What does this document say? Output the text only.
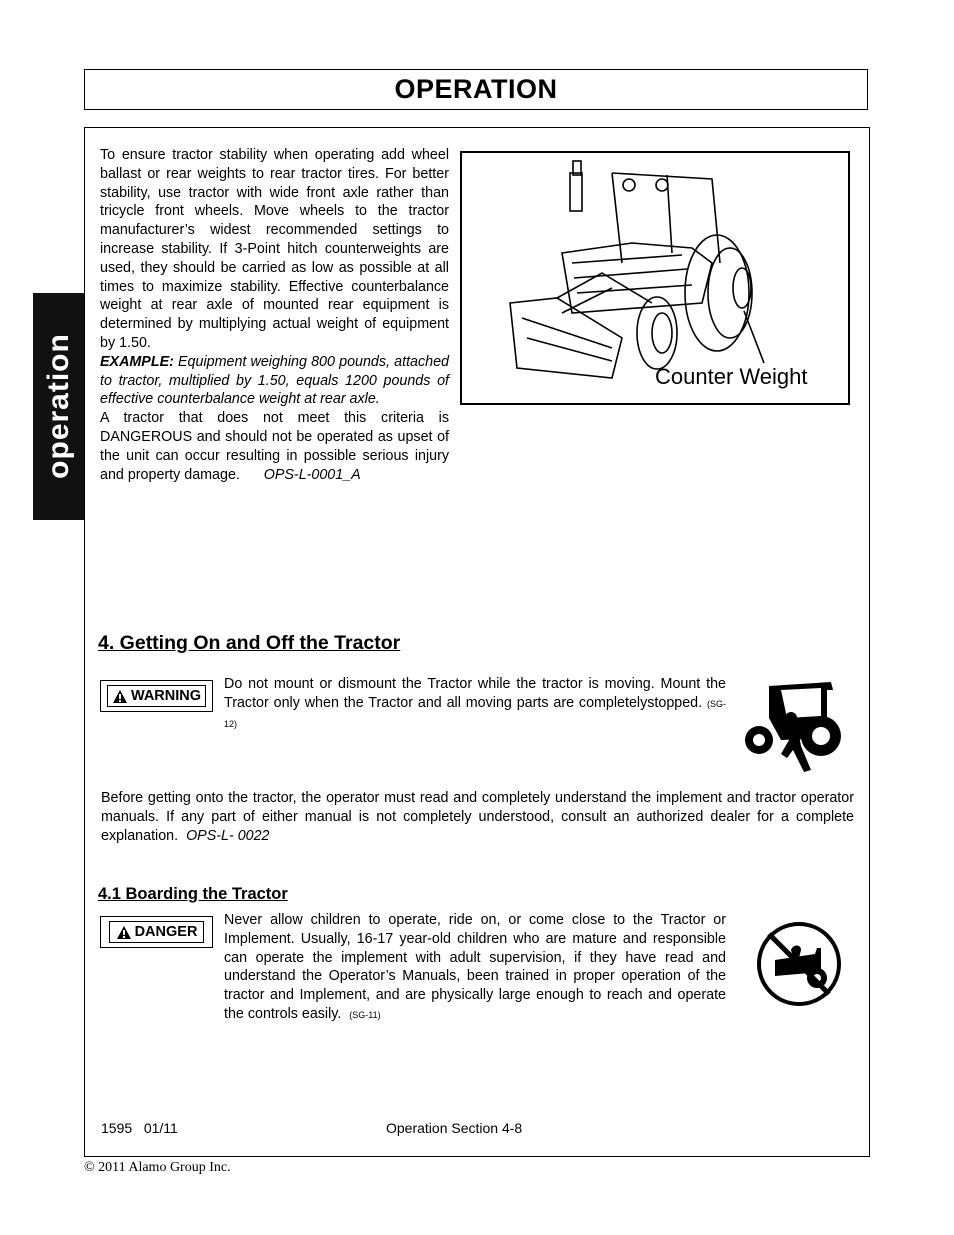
OPERATION
operation

To ensure tractor stability when operating add wheel ballast or rear weights to rear tractor tires. For better stability, use tractor with wide front axle rather than tricycle front wheels. Move wheels to the tractor manufacturer’s widest recommended settings to increase stability. If 3-Point hitch counterweights are used, they should be carried as low as possible at all times to maximize stability. Effective counterbalance weight at rear axle of mounted rear equipment is determined by multiplying actual weight of equipment by 1.50.

EXAMPLE: Equipment weighing 800 pounds, attached to tractor, multiplied by 1.50, equals 1200 pounds of effective counterbalance weight at rear axle.

A tractor that does not meet this criteria is DANGEROUS and should not be operated as upset of the unit can occur resulting in possible serious injury and property damage. OPS-L-0001_A

Counter Weight
4. Getting On and Off the Tractor
WARNING

Do not mount or dismount the Tractor while the tractor is moving. Mount the Tractor only when the Tractor and all moving parts are completelystopped. (SG-12)

Before getting onto the tractor, the operator must read and completely understand the implement and tractor operator manuals. If any part of either manual is not completely understood, consult an authorized dealer for a complete explanation. OPS-L- 0022

4.1 Boarding the Tractor
DANGER

Never allow children to operate, ride on, or come close to the Tractor or Implement. Usually, 16-17 year-old children who are mature and responsible can operate the implement with adult supervision, if they have read and understand the Operator’s Manuals, been trained in proper operation of the tractor and Implement, and are physically large enough to reach and operate the controls easily. (SG-11)

1595   01/11	Operation Section 4-8
© 2011 Alamo Group Inc.
